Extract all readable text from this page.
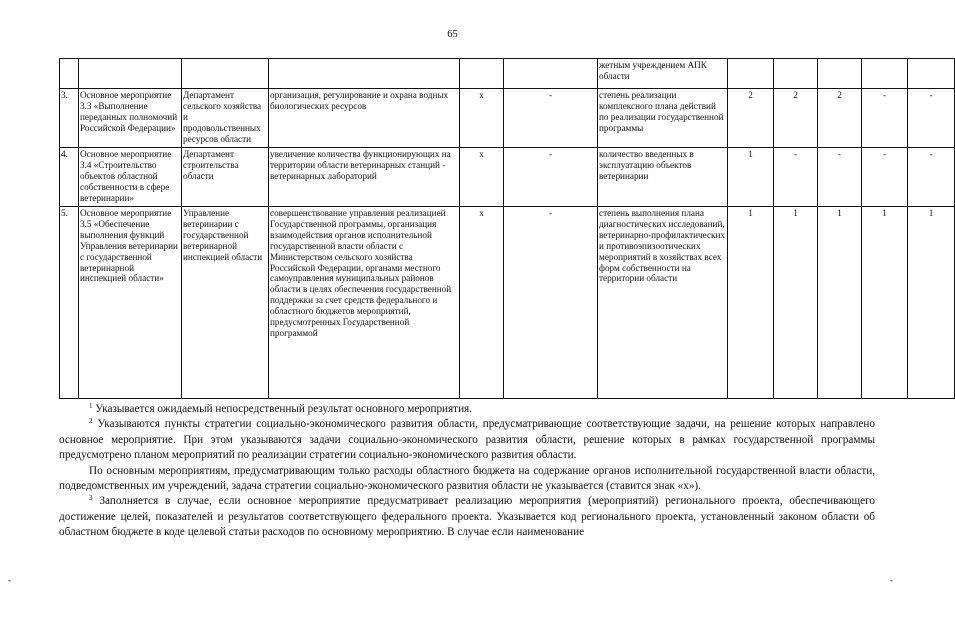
65
						жетным учреждением АПК области					
3.	Основное мероприятие 3.3 «Выполнение переданных полномочий Российской Федерации»	Департамент сельского хозяйства и продовольственных ресурсов области	организация, регулирование и охрана водных биологических ресурсов	x	-	степень реализации комплексного плана действий по реализации государственной программы	2	2	2	-	-
4.	Основное мероприятие 3.4 «Строительство объектов областной собственности в сфере ветеринарии»	Департамент строительства области	увеличение количества функционирующих на территории области ветеринарных станций - ветеринарных лабораторий	x	-	количество введенных в эксплуатацию объектов ветеринарии	1	-	-	-	-
5.	Основное мероприятие 3.5 «Обеспечение выполнения функций Управления ветеринарии с государственной ветеринарной инспекцией области»	Управление ветеринарии с государственной ветеринарной инспекцией области	совершенствование управления реализацией Государственной программы, организация взаимодействия органов исполнительной государственной власти области с Министерством сельского хозяйства Российской Федерации, органами местного самоуправления муниципальных районов области в целях обеспечения государственной поддержки за счет средств федерального и областного бюджетов мероприятий, предусмотренных Государственной программой	x	-	степень выполнения плана диагностических исследований, ветеринарно-профилактических и противоэпизоотических мероприятий в хозяйствах всех форм собственности на территории области	1	1	1	1	1

$^1$ Указывается ожидаемый непосредственный результат основного мероприятия.

$^2$ Указываются пункты стратегии социально-экономического развития области, предусматривающие соответствующие задачи, на решение которых направлено основное мероприятие. При этом указываются задачи социально-экономического развития области, решение которых в рамках государственной программы предусмотрено планом мероприятий по реализации стратегии социально-экономического развития области.

По основным мероприятиям, предусматривающим только расходы областного бюджета на содержание органов исполнительной государственной власти области, подведомственных им учреждений, задача стратегии социально-экономического развития области не указывается (ставится знак «x»).

$^3$ Заполняется в случае, если основное мероприятие предусматривает реализацию мероприятия (мероприятий) регионального проекта, обеспечивающего достижение целей, показателей и результатов соответствующего федерального проекта. Указывается код регионального проекта, установленный законом области об областном бюджете в коде целевой статьи расходов по основному мероприятию. В случае если наименование

-	-
